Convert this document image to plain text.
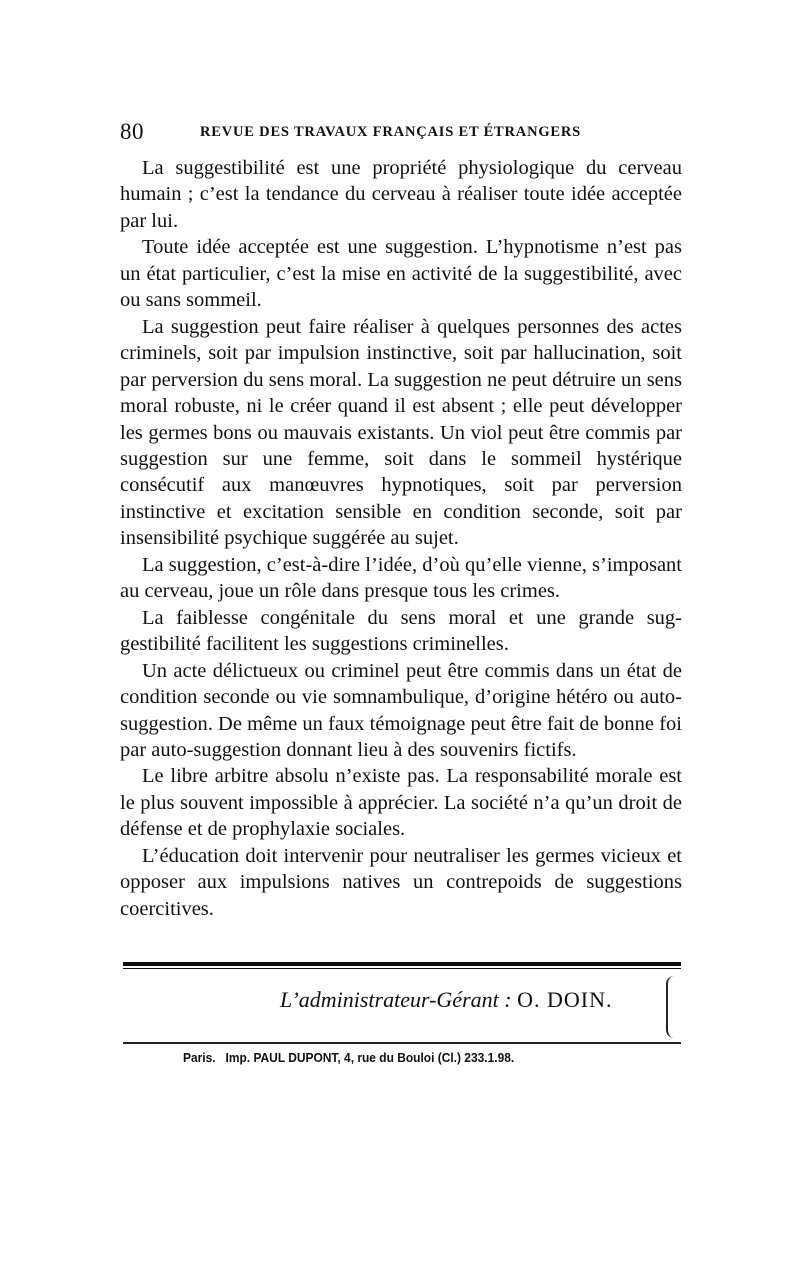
80	REVUE DES TRAVAUX FRANÇAIS ET ÉTRANGERS

La suggestibilité est une propriété physiologique du cerveau humain ; c’est la tendance du cerveau à réaliser toute idée acceptée par lui.

Toute idée acceptée est une suggestion. L’hypnotisme n’est pas un état particulier, c’est la mise en activité de la suggestibilité, avec ou sans sommeil.

La suggestion peut faire réaliser à quelques personnes des actes criminels, soit par impulsion instinctive, soit par hallucination, soit par perversion du sens moral. La suggestion ne peut détruire un sens moral robuste, ni le créer quand il est absent ; elle peut développer les germes bons ou mauvais existants. Un viol peut être commis par suggestion sur une femme, soit dans le sommeil hystérique consécutif aux manœuvres hypnotiques, soit par perversion instinctive et excitation sensible en condition seconde, soit par insensibilité psychique suggérée au sujet.

La suggestion, c’est-à-dire l’idée, d’où qu’elle vienne, s’imposant au cerveau, joue un rôle dans presque tous les crimes.

La faiblesse congénitale du sens moral et une grande suggestibilité facilitent les suggestions criminelles.

Un acte délictueux ou criminel peut être commis dans un état de condition seconde ou vie somnambulique, d’origine hétéro ou auto-suggestion. De même un faux témoignage peut être fait de bonne foi par auto-suggestion donnant lieu à des souvenirs fictifs.

Le libre arbitre absolu n’existe pas. La responsabilité morale est le plus souvent impossible à apprécier. La société n’a qu’un droit de défense et de prophylaxie sociales.

L’éducation doit intervenir pour neutraliser les germes vicieux et opposer aux impulsions natives un contrepoids de suggestions coercitives.

L’administrateur-Gérant : O. DOIN.
Paris.   Imp. PAUL DUPONT, 4, rue du Bouloi (Cl.) 233.1.98.
